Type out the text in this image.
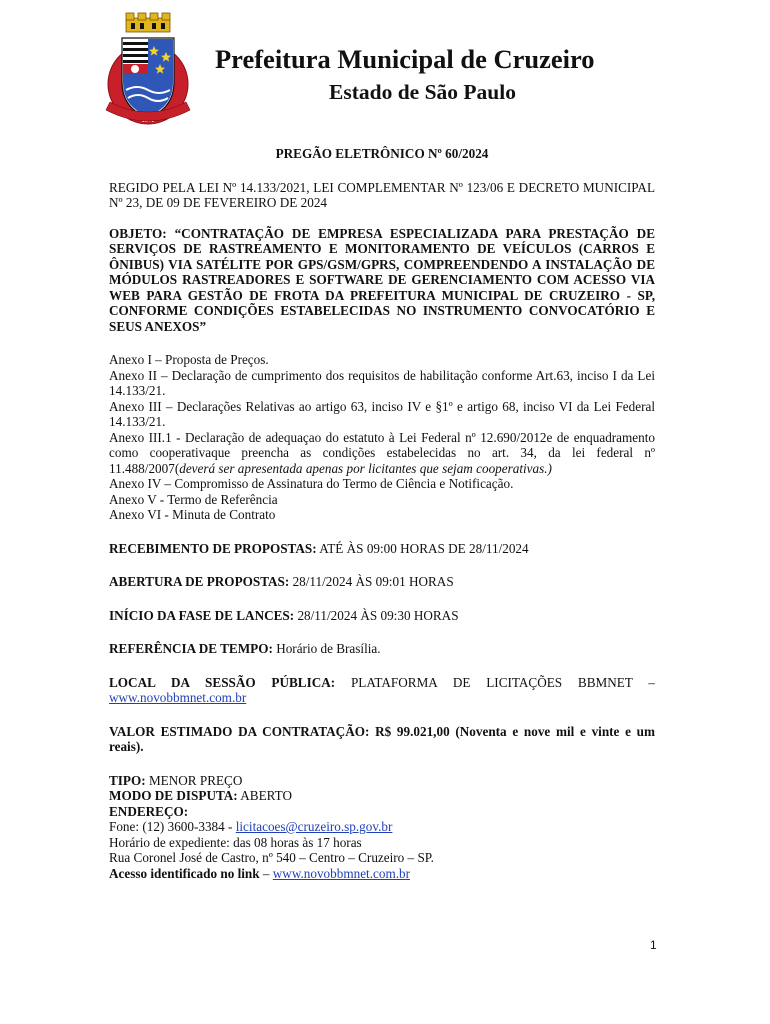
Prefeitura Municipal de Cruzeiro
Estado de São Paulo

PREGÃO ELETRÔNICO Nº 60/2024

REGIDO PELA LEI Nº 14.133/2021, LEI COMPLEMENTAR Nº 123/06 E DECRETO MUNICIPAL Nº 23, DE 09 DE FEVEREIRO DE 2024

OBJETO: “CONTRATAÇÃO DE EMPRESA ESPECIALIZADA PARA PRESTAÇÃO DE SERVIÇOS DE RASTREAMENTO E MONITORAMENTO DE VEÍCULOS (CARROS E ÔNIBUS) VIA SATÉLITE POR GPS/GSM/GPRS, COMPREENDENDO A INSTALAÇÃO DE MÓDULOS RASTREADORES E SOFTWARE DE GERENCIAMENTO COM ACESSO VIA WEB PARA GESTÃO DE FROTA DA PREFEITURA MUNICIPAL DE CRUZEIRO - SP, CONFORME CONDIÇÕES ESTABELECIDAS NO INSTRUMENTO CONVOCATÓRIO E SEUS ANEXOS”

Anexo I – Proposta de Preços.

Anexo II – Declaração de cumprimento dos requisitos de habilitação conforme Art.63, inciso I da Lei 14.133/21.

Anexo III – Declarações Relativas ao artigo 63, inciso IV e §1º e artigo 68, inciso VI da Lei Federal 14.133/21.

Anexo III.1 - Declaração de adequaçao do estatuto à Lei Federal nº 12.690/2012e de enquadramento como cooperativaque preencha as condições estabelecidas no art. 34, da lei federal nº 11.488/2007(deverá ser apresentada apenas por licitantes que sejam cooperativas.)

Anexo IV – Compromisso de Assinatura do Termo de Ciência e Notificação.

Anexo V - Termo de Referência

Anexo VI - Minuta de Contrato

RECEBIMENTO DE PROPOSTAS: ATÉ ÀS 09:00 HORAS DE 28/11/2024

ABERTURA DE PROPOSTAS: 28/11/2024 ÀS 09:01 HORAS

INÍCIO DA FASE DE LANCES: 28/11/2024 ÀS 09:30 HORAS

REFERÊNCIA DE TEMPO: Horário de Brasília.

LOCAL DA SESSÃO PÚBLICA: PLATAFORMA DE LICITAÇÕES BBMNET – www.novobbmnet.com.br

VALOR ESTIMADO DA CONTRATAÇÃO: R$ 99.021,00 (Noventa e nove mil e vinte e um reais).

TIPO: MENOR PREÇO

MODO DE DISPUTA: ABERTO

ENDEREÇO:

Fone: (12) 3600-3384 - licitacoes@cruzeiro.sp.gov.br

Horário de expediente: das 08 horas às 17 horas

Rua Coronel José de Castro, nº 540 – Centro – Cruzeiro – SP.

Acesso identificado no link – www.novobbmnet.com.br

1
